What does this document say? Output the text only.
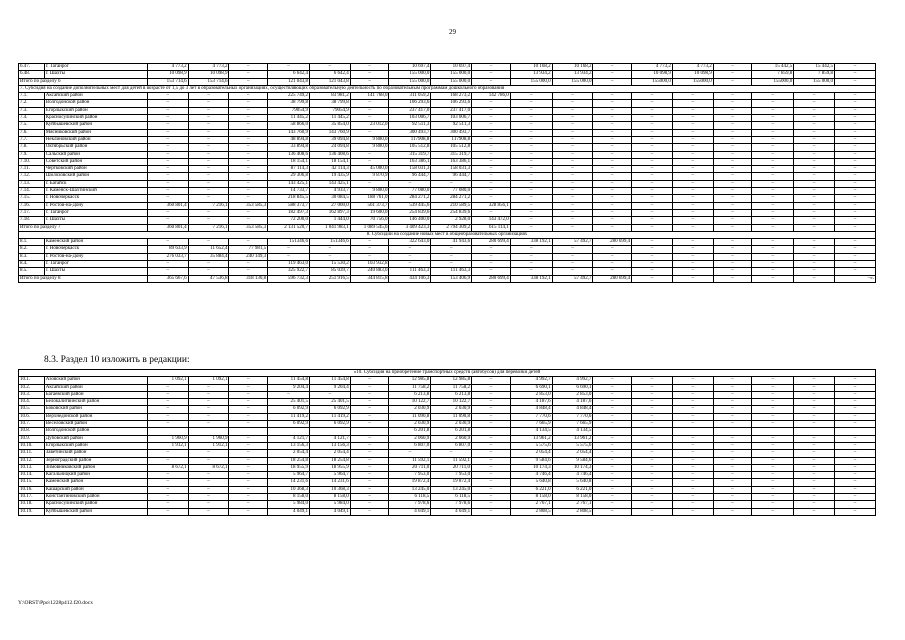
29
6.47.	г. Таганрог	4 773,2	4 773,2	–	–	–	–	10 697,4	10 697,4	–	10 168,2	10 168,2	–	4 773,2	4 773,2	–	15 442,5	15 442,5	–
6.48.	г. Шахты	10 098,9	10 098,9	–	6 642,4	6 642,4	–	155 000,0	155 000,0	–	13 934,2	13 934,2	–	10 098,9	10 098,9	–	7 859,8	7 859,8	–
Итого по разделу 6		153 714,6	153 714,6	–	121 043,8	121 043,8	–	155 000,0	155 000,0	–	155 000,0	155 000,0	–	155000,0	155000,0	–	155000,0	155 000,0	–
7. Субсидия на создание дополнительных мест для детей в возрасте от 1,5 до 3 лет в образовательных организациях, осуществляющих образовательную деятельность по образовательным программам дошкольного образования																			
7.1.	Аксайский район	–	–	–	225 749,2	83 981,2	141 768,0	311 059,2	168 273,2	142 786,0	–	–	–	–	–	–	–	–	–
7.2.	Волгодонской район	–	–	–	38 799,8	38 799,8	–	106 293,6	106 293,6	–	–	–	–	–	–	–	–	–	–
7.3.	Егорлыкский район	–	–	–	79054,9	79054,9	–	237 417,0	237 417,0	–	–	–	–	–	–	–	–	–	–
7.4.	Красносулинский район	–	–	–	11 445,2	11 445,2	–	103 006,7	103 006,7	–	–	–	–	–	–	–	–	–	–
7.5.	Куйбышевский район	–	–	–	58 866,0	35 854,0	23 012,0	92 511,3	92 511,3	–	–	–	–	–	–	–	–	–	–
7.6.	Мясниковский район	–	–	–	143 760,9	143 760,9	–	300 493,7	300 493,7	–	–	–	–	–	–	–	–	–	–
7.7.	Неклиновский район	–	–	–	48 894,8	39 094,8	9 800,0	117908,8	117908,8	–	–	–	–	–	–	–	–	–	–
7.8.	Октябрьский район	–	–	–	33 894,8	24 094,8	9 800,0	105 512,8	105 512,8	–	–	–	–	–	–	–	–	–	–
7.9.	Сальский район	–	–	–	136 408,6	136 408,6	–	315 319,7	315 319,7	–	–	–	–	–	–	–	–	–	–
7.10.	Советский район	–	–	–	18 154,1	18 154,1	–	163 386,1	163 386,1	–	–	–	–	–	–	–	–	–	–
7.11.	Чертковский район	–	–	–	87 114,3	42 114,3	45 000,0	158 031,3	158 031,3	–	–	–	–	–	–	–	–	–	–
7.12.	Шолоховский район	–	–	–	29 306,8	19 435,9	9 870,9	96 444,7	96 444,7	–	–	–	–	–	–	–	–	–	–
7.13.	г. Батайск	–	–	–	143 425,1	143 425,1	–	–	–	–	–	–	–	–	–	–	–	–	–
7.14.	г. Каменск-Шахтинский	–	–	–	14 733,7	4 933,7	9 800,0	77 080,0	77 080,0	–	–	–	–	–	–	–	–	–	–
7.15.	г. Новочеркасск	–	–	–	218 845,5	30 084,5	188 761,0	284 271,2	284 271,2	–	–	–	–	–	–	–	–	–	–
7.16.	г. Ростов-на-Дону	360 801,4	7 216,1	353 585,3	588 373,7	27 000,0	561 373,7	539 445,6	210 589,5	328 856,1	–	–	–	–	–	–	–	–	–
7.17.	г. Таганрог	–	–	–	182 497,3	162 897,3	19 600,0	254 839,6	254 839,6	–	–	–	–	–	–	–	–	–	–
7.18.	г. Шахты	–	–	–	72 200,0	1 444,0	70 756,0	146 400,0	2 928,0	143 472,0	–	–	–	–	–	–	–	–	–
Итого по разделу 7		360 801,4	7 216,1	353 585,3	2 131 520,7	1 041 983,1	1 089 545,6	3 409 423,3	2 794 309,2	615 114,1	–	–	–	–	–	–	–	–	–
8. Субсидии на создание новых мест в общеобразовательных организациях																			
8.1.	Каменский район	–	–	–	151346,6	151346,6	–	322 643,0	41 943,6	280 699,4	338 192,1	57 492,7	280 699,4	–	–	–	–	–	–
8.2.	г. Новочеркасск	89 633,9	11 652,4	77 981,5	–	–	–	–	–	–	–	–	–	–	–	–	–	–	–
8.3.	г. Ростов-на-Дону	276 033,7	35 884,4	240 149,3	–	–	–	–	–	–	–	–	–	–	–	–	–	–	–
8.4.	г. Таганрог	–	–	–	119 463,0	15 530,2	103 932,8	–	–	–	–	–	–	–	–	–	–	–	–
8.5.	г. Шахты	–	–	–	325 922,7	85 039,7	240 883,0	111 463,3	111 463,3	–	–	–	–	–	–	–	–	–	–
Итого по разделу 8		365 667,6	47 536,8	318 130,8	596 732,3	251 916,5	344 815,8	434 106,3	153 406,9	280 699,4	338 192,1	57 492,7	280 699,4	–	–	–	–	–	–».
8.3. Раздел 10 изложить в редакции:
«10. Субсидия на приобретение транспортных средств (автобусов) для перевозки детей																			
10.1.	Азовский район	1 092,1	1 092,1	–	11 454,8	11 454,8	–	12 985,8	12 985,8	–	4 992,7	4 992,7	–	–	–	–	–	–	–
10.2.	Аксайский район	–	–	–	9 204,4	9 204,4	–	11 758,2	11 758,2	–	6 690,1	6 690,1	–	–	–	–	–	–	–
10.3.	Багаевский район	–	–	–	–	–	–	6 213,8	6 213,8	–	2 853,0	2 853,0	–	–	–	–	–	–	–
10.4.	Белокалитвинский район	–	–	–	25 401,5	25 401,5	–	10 122,7	10 122,7	–	4 187,6	4 187,6	–	–	–	–	–	–	–
10.5.	Боковский район	–	–	–	6 092,9	6 092,9	–	2 030,9	2 030,9	–	4 848,4	4 848,4	–	–	–	–	–	–	–
10.6.	Верхнедонской район	–	–	–	11 419,2	11 419,2	–	11 090,8	11 090,8	–	7 770,6	7 770,6	–	–	–	–	–	–	–
10.7.	Веселовский район	–	–	–	6 092,9	6 092,9	–	2 030,9	2 030,9	–	7 665,9	7 665,9	–	–	–	–	–	–	–
10.8.	Волгодонской район							6 201,8	6 201,8		4 134,5	4 134,5							
10.9.	Дубовский район	1 960,9	1 960,9	–	4 121,7	4 121,7	–	2 060,9	2 060,9	–	13 961,2	13 961,2	–	–	–	–	–	–	–
10.10.	Егорлыкский район	1 912,1	1 912,1	–	13 156,3	13 156,3	–	6 807,0	6 807,0	–	5 575,6	5 575,6	–	–	–	–	–	–	–
10.11.	Заветинский район	–	–	–	2 054,4	2 054,4	–	–	–	–	2 054,4	2 054,4	–	–	–	–	–	–	–
10.12.	Зерноградский район	–	–	–	18 254,8	18 254,8	–	11 592,1	11 592,1	–	9 584,6	9 584,6	–	–	–	–	–	–	–
10.13.	Зимовниковский район	8 672,1	8 672,1	–	18 955,9	18 955,9	–	20 711,0	20 711,0	–	10 174,3	10 174,3	–	–	–	–	–	–	–
10.14.	Кагальницкий район	–	–	–	5 964,7	5 964,7	–	7 953,0	7 953,0	–	4 746,4	4 746,4	–	–	–	–	–	–	–
10.15.	Каменский район	–	–	–	14 231,6	14 231,6	–	19 872,4	19 872,4	–	5 640,8	5 640,8	–	–	–	–	–	–	–
10.16.	Кашарский район	–	–	–	10 368,3	10 368,3	–	13 245,0	13 245,0	–	6 221,0	6 221,0	–	–	–	–	–	–	–
10.17.	Константиновский район	–	–	–	8 158,0	8 158,0	–	6 118,5	6 118,5	–	8 158,0	8 158,0	–	–	–	–	–	–	–
10.18.	Красносулинский район	–	–	–	5 984,0	5 984,0	–	7 978,6	7 978,6	–	2 767,1	2 767,1	–	–	–	–	–	–	–
10.19.	Куйбышевский район	–	–	–	4 049,1	4 049,1	–	4 049,1	4 049,1	–	2 808,5	2 808,5	–	–	–	–	–	–	–
Y:\ORST\Ppo\1228p412.f20.docx
